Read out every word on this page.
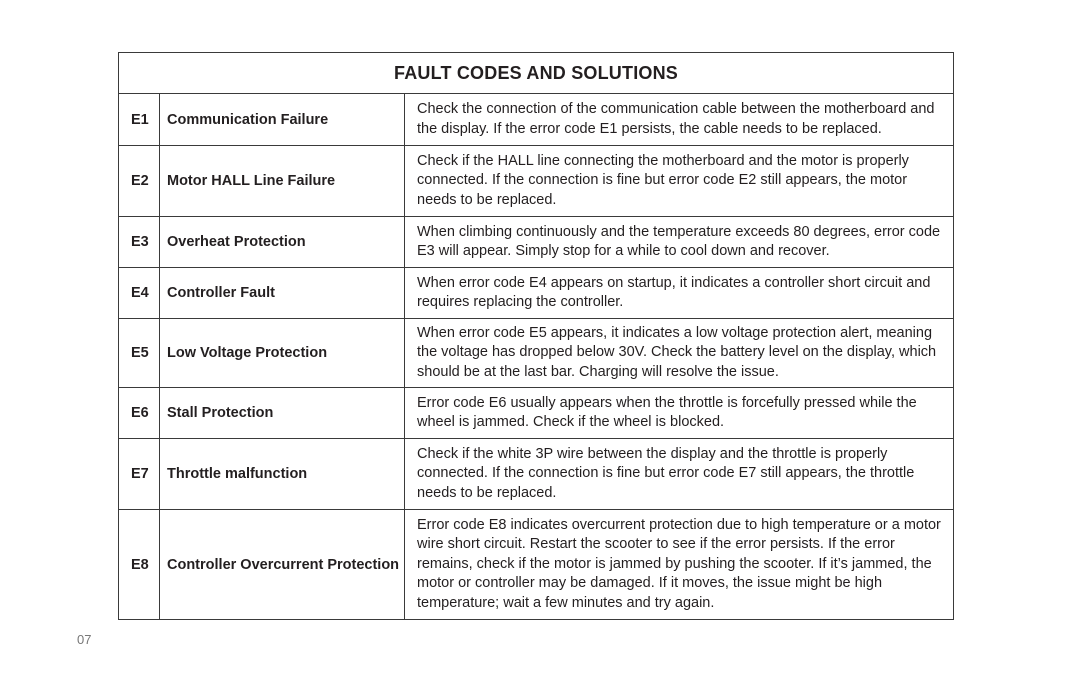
FAULT CODES AND SOLUTIONS		
E1	Communication Failure	Check the connection of the communication cable between the motherboard and the display. If the error code E1 persists, the cable needs to be replaced.
E2	Motor HALL Line Failure	Check if the HALL line connecting the motherboard and the motor is properly connected. If the connection is fine but error code E2 still appears, the motor needs to be replaced.
E3	Overheat Protection	When climbing continuously and the temperature exceeds 80 degrees, error code E3 will appear. Simply stop for a while to cool down and recover.
E4	Controller Fault	When error code E4 appears on startup, it indicates a controller short circuit and requires replacing the controller.
E5	Low Voltage Protection	When error code E5 appears, it indicates a low voltage protection alert, meaning the voltage has dropped below 30V. Check the battery level on the display, which should be at the last bar. Charging will resolve the issue.
E6	Stall Protection	Error code E6 usually appears when the throttle is forcefully pressed while the wheel is jammed. Check if the wheel is blocked.
E7	Throttle malfunction	Check if the white 3P wire between the display and the throttle is properly connected. If the connection is fine but error code E7 still appears, the throttle needs to be replaced.
E8	Controller Overcurrent Protection	Error code E8 indicates overcurrent protection due to high temperature or a motor wire short circuit. Restart the scooter to see if the error persists. If the error remains, check if the motor is jammed by pushing the scooter. If it’s jammed, the motor or controller may be damaged. If it moves, the issue might be high temperature; wait a few minutes and try again.
07
